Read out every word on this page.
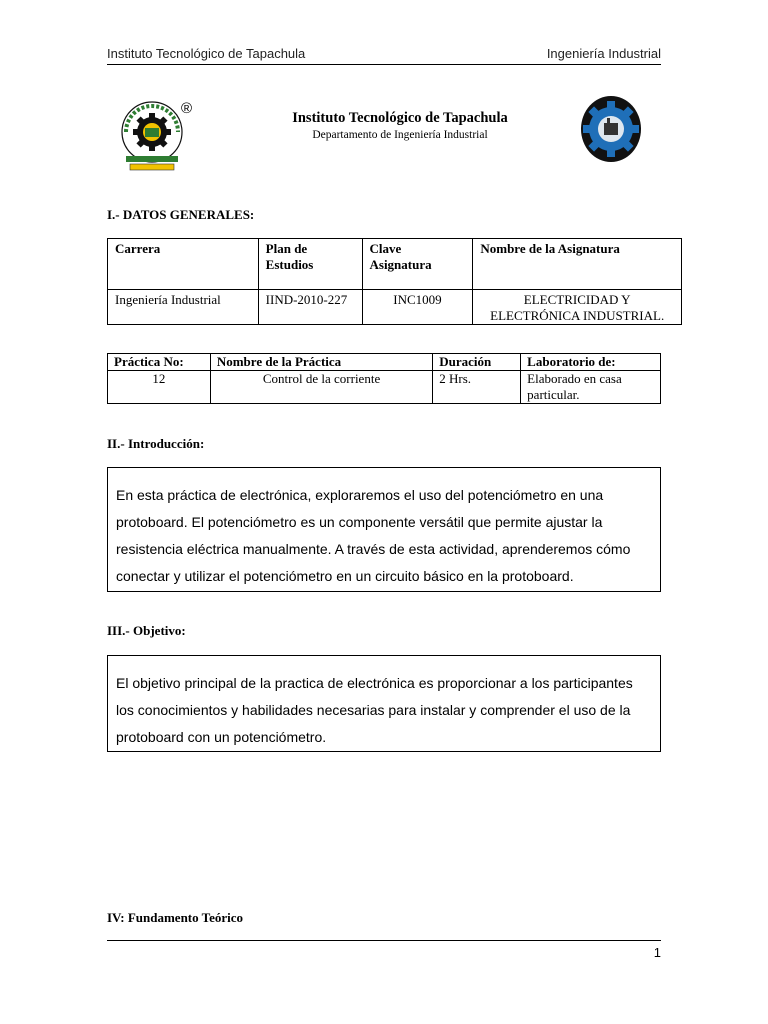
Instituto Tecnológico de Tapachula	Ingeniería Industrial
®
Instituto Tecnológico de Tapachula
Departamento de Ingeniería Industrial
I.- DATOS GENERALES:
Carrera	Plan de Estudios	Clave Asignatura	Nombre de la Asignatura
Ingeniería Industrial	IIND-2010-227	INC1009	ELECTRICIDAD Y ELECTRÓNICA INDUSTRIAL.
Práctica No:	Nombre de la Práctica	Duración	Laboratorio de:
12	Control de la corriente	2 Hrs.	Elaborado en casa particular.
II.- Introducción:
En esta práctica de electrónica, exploraremos el uso del potenciómetro en una protoboard. El potenciómetro es un componente versátil que permite ajustar la resistencia eléctrica manualmente. A través de esta actividad, aprenderemos cómo conectar y utilizar el potenciómetro en un circuito básico en la protoboard.
III.- Objetivo:
El objetivo principal de la practica de electrónica es proporcionar a los participantes los conocimientos y habilidades necesarias para instalar y comprender el uso de la protoboard con un potenciómetro.
IV: Fundamento Teórico
1
